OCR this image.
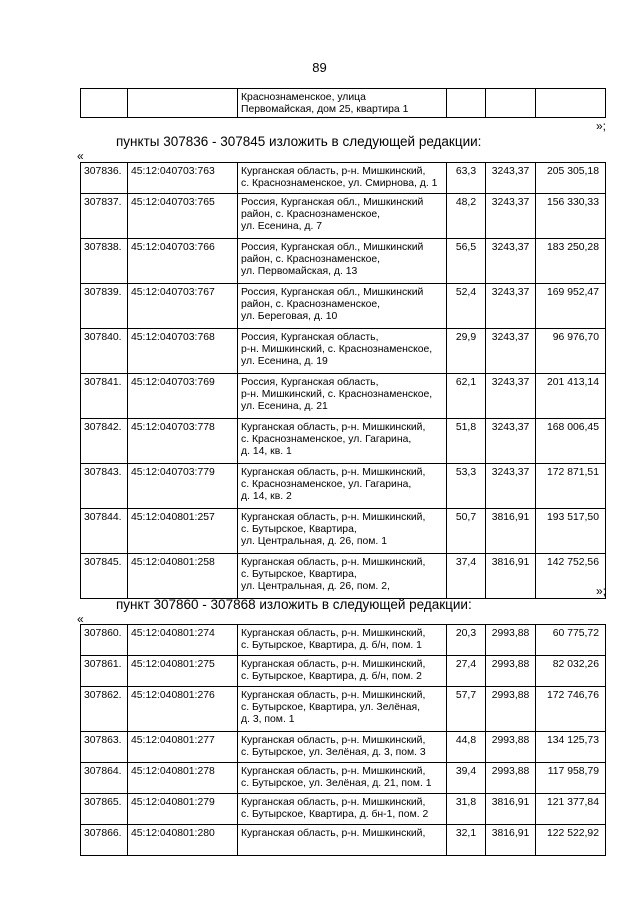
89

Краснознаменское, улица
Первомайская, дом 25, квартира 1

»;
пункты 307836 - 307845 изложить в следующей редакции:
«
307836.	45:12:040703:763	Курганская область, р-н. Мишкинский,
с. Краснознаменское, ул. Смирнова, д. 1	63,3	3243,37	205 305,18
307837.	45:12:040703:765	Россия, Курганская обл., Мишкинский
район, с. Краснознаменское,
ул. Есенина, д. 7	48,2	3243,37	156 330,33
307838.	45:12:040703:766	Россия, Курганская обл., Мишкинский
район, с. Краснознаменское,
ул. Первомайская, д. 13	56,5	3243,37	183 250,28
307839.	45:12:040703:767	Россия, Курганская обл., Мишкинский
район, с. Краснознаменское,
ул. Береговая, д. 10	52,4	3243,37	169 952,47
307840.	45:12:040703:768	Россия, Курганская область,
р-н. Мишкинский, с. Краснознаменское,
ул. Есенина, д. 19	29,9	3243,37	96 976,70
307841.	45:12:040703:769	Россия, Курганская область,
р-н. Мишкинский, с. Краснознаменское,
ул. Есенина, д. 21	62,1	3243,37	201 413,14
307842.	45:12:040703:778	Курганская область, р-н. Мишкинский,
с. Краснознаменское, ул. Гагарина,
д. 14, кв. 1	51,8	3243,37	168 006,45
307843.	45:12:040703:779	Курганская область, р-н. Мишкинский,
с. Краснознаменское, ул. Гагарина,
д. 14, кв. 2	53,3	3243,37	172 871,51
307844.	45:12:040801:257	Курганская область, р-н. Мишкинский,
с. Бутырское, Квартира,
ул. Центральная, д. 26, пом. 1	50,7	3816,91	193 517,50
307845.	45:12:040801:258	Курганская область, р-н. Мишкинский,
с. Бутырское, Квартира,
ул. Центральная, д. 26, пом. 2,	37,4	3816,91	142 752,56
»;
пункт 307860 - 307868 изложить в следующей редакции:
«
307860.	45:12:040801:274	Курганская область, р-н. Мишкинский,
с. Бутырское, Квартира, д. б/н, пом. 1	20,3	2993,88	60 775,72
307861.	45:12:040801:275	Курганская область, р-н. Мишкинский,
с. Бутырское, Квартира, д. б/н, пом. 2	27,4	2993,88	82 032,26
307862.	45:12:040801:276	Курганская область, р-н. Мишкинский,
с. Бутырское, Квартира, ул. Зелёная,
д. 3, пом. 1	57,7	2993,88	172 746,76
307863.	45:12:040801:277	Курганская область, р-н. Мишкинский,
с. Бутырское, ул. Зелёная, д. 3, пом. 3	44,8	2993,88	134 125,73
307864.	45:12:040801:278	Курганская область, р-н. Мишкинский,
с. Бутырское, ул. Зелёная, д. 21, пом. 1	39,4	2993,88	117 958,79
307865.	45:12:040801:279	Курганская область, р-н. Мишкинский,
с. Бутырское, Квартира, д. бн-1, пом. 2	31,8	3816,91	121 377,84
307866.	45:12:040801:280	Курганская область, р-н. Мишкинский,	32,1	3816,91	122 522,92
